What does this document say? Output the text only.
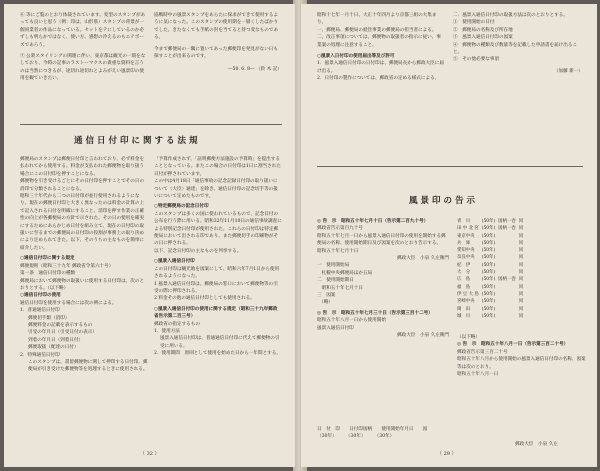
⑥ 等にご覧のとおり体裁されています。変型のスタンプがあっても良いと思う（例：印は、山形県）スタンプの背景が一個同業者の作品になっている。セットをテにしているのか必ずしも明らかではなく、使い方、感想の冷えるのもエテボーズであろう。

⑦ 公衆スタイリングの関連に伴い、東京都は観光の一環をなしており、今時の記事のラストーマクスの貴重な資料を言うのは当然につきるが、途切れ途切れとよみがえい風景印の使用を観ていきたい。

協戦時中の風景スタンプをあらたに探求ができて使用するように気になった。このスタンプの使用期を一層くしたばかりでした。きたなくても手紙の封を当てると待つ変なものである。

今まで郵便局の一隅に置いてあった郵便印を発見がない日も探すことが出来るのです。

―50. 6. 8― （鈴 木 記）

通信日付印に関する法規

郵便局のスタンプは郵便日付印と言われており、必ず料金を払われてから使用する。料金が支払われた郵便物を取り扱う場合にこの日付印を押すことになる。

郵便物を引き受けるごとにその日付印を押すことでその日の消印で分類されることになる。

昭和三十年代から二つの日付印が並行使用されるようになり、現在の郵便日付印と大きく異なったのは料金の計算の上で記入される日付を明確にすること、消印を押す作業の正確性の向上が各郵便局の方針で示された。その日の使用を確実にするためにあらかじめ日付を組み立て、現在の日付印の取扱いに至るまでの郵便局の日付印の役割が事務上の取り決めにより定められてきた。以下、そのうちの主なものを簡単に紹介したい。

○通信日付印に関する規定

郵便規則（昭和三十九年 郵政省令第六十号）

第一条　通信日付印の種類

郵便局において郵便物の取扱いに使用する日付印は、次のとおりとする。（以下略）

○通信日付印の使用

通信日付印を使用する場合には次の例による。

1．普通通信日付印

郵便切手類（消印）

郵便料金の記載を表示するもの

引受の年月日（引受日付の表示）

到着の年月日（到着日付）

郵便取扱（配達の日付）

2．特殊通信日付印

このスタンプは、書留郵便物に関して押印する日付印。郵便局が引き受けた郵便物等を処理するときに使用される。

「予算作成されず、「証明郵便方法施設の予算時」を提出することとなっている。またこの場合の日付印は1日に割当された日付が押されています。

この中は4月18日「通信事故の記念記録日付印の取り扱いについて（大臣）通達」を除き、通信日付印の記念切手等の扱いについて定めたものです。

○特定郵便局の記念日付印

このスタンプは多くの国に使われているもので、記念日付の公布を行う際に用いる。昭和32年11月10日の通信事故調査による特別記念日付印が使用された。これらの日付印は特定郵便局において出される印であり、また郵便切手の印刷物がその日に押される。

以下、記念日付印の主なものを列挙する。

○風景入通信日付印

この日付印は観光地を図案にして、昭和六年7月1日から使用されるようになった。

1 風景入通信日付印は、郵便局の窓口において郵便物等の引受の際に押印される。

2 料金その他の通信日付印としても使用される。

○風景入通信日付印の使用に関する規定（昭和三十九年郵政省告示第二百三号）

郵政省の指定するもの

1．使用方法

風景入通信日付印は、普通通信日付印に代えて郵便物の引受に用いる。

2．使用期間　原則として使用を始めた日から一年間とする。

（ 32 ）

昭和十七年一月十日、大正十年四月より京都三組の大集まり。

一、郵便局、郵便局の経営事業の郵便局の担当者による。

二、改正事項については、郵便物の取扱者の指示に従い、事業案の処理に注意すること。

○風景入日付印の使用届出等及び許可

1．風景入通信日付印の日付印は、郵便局長から郵政大臣に届け出る。

2．日付印の製作については、郵政省の定める様式による。

二．風景入通信日付印の取扱方法は次のとおりとする。

①　使用開始の日付

②　郵便局の名称及び所在地

③　風景入通信日付印の図案

④　郵便物の種類及び数量等を記載した申請書を届け出ること。

⑤　その他必要な事項

（加藤 新一）

風景印の告示

◎ 告　示　昭和五十年七月十日（告示第二百九十号）

郵政省告示第百九十号

昭和五十年七月一日から風景入通信日付印の使用を開始する郵便局の名称、使用開始期日及び図案を次のとおり告示する。

昭和五十年七月十日

郵政大臣　小泉 久左衛門

一　使用開始局

　札幌中央郵便局ほか五局

二　使用開始期日

　昭和五十年七月十日

三　図案

　（略）

◎ 告　示　昭和五十年七月三十日（告示第三百十二号）

昭和五十年八月一日から使用開始

風景入通信日付印

郵政大臣　小泉 久左衛門

青　川	(50年)	図柄一巻	同
田 中 北 宮	(50年)	図柄一巻	同
東京中央	(50年)		同
兵　庫	(50年)		同
愛知中央	(50年)		同
奈良中央	(50年)		同
紀　伊	(50年)		同
大　分	(50年)		同
広　島	(50年)	図柄一巻	同
福　島	(50年)		同
伊 豆 大 島	(50年)		同
宮崎中央	(50年)		同
岡　田	(50年)		同
城　川	(50年)		同

（以下略）

◎ 告　示　昭和五十年八月一日（告示第三百二十号）

郵政省告示第三百二十号

昭和五十年八月から使用開始の風景入通信日付印の名称、図案等は次のとおり。

昭和五十年八月一日

日　付　印　　日付印図柄　　使用開始年月日　　図

（30年）　　　（30年）　　　（30年）

郵政大臣　小泉 久左
（ 29 ）
